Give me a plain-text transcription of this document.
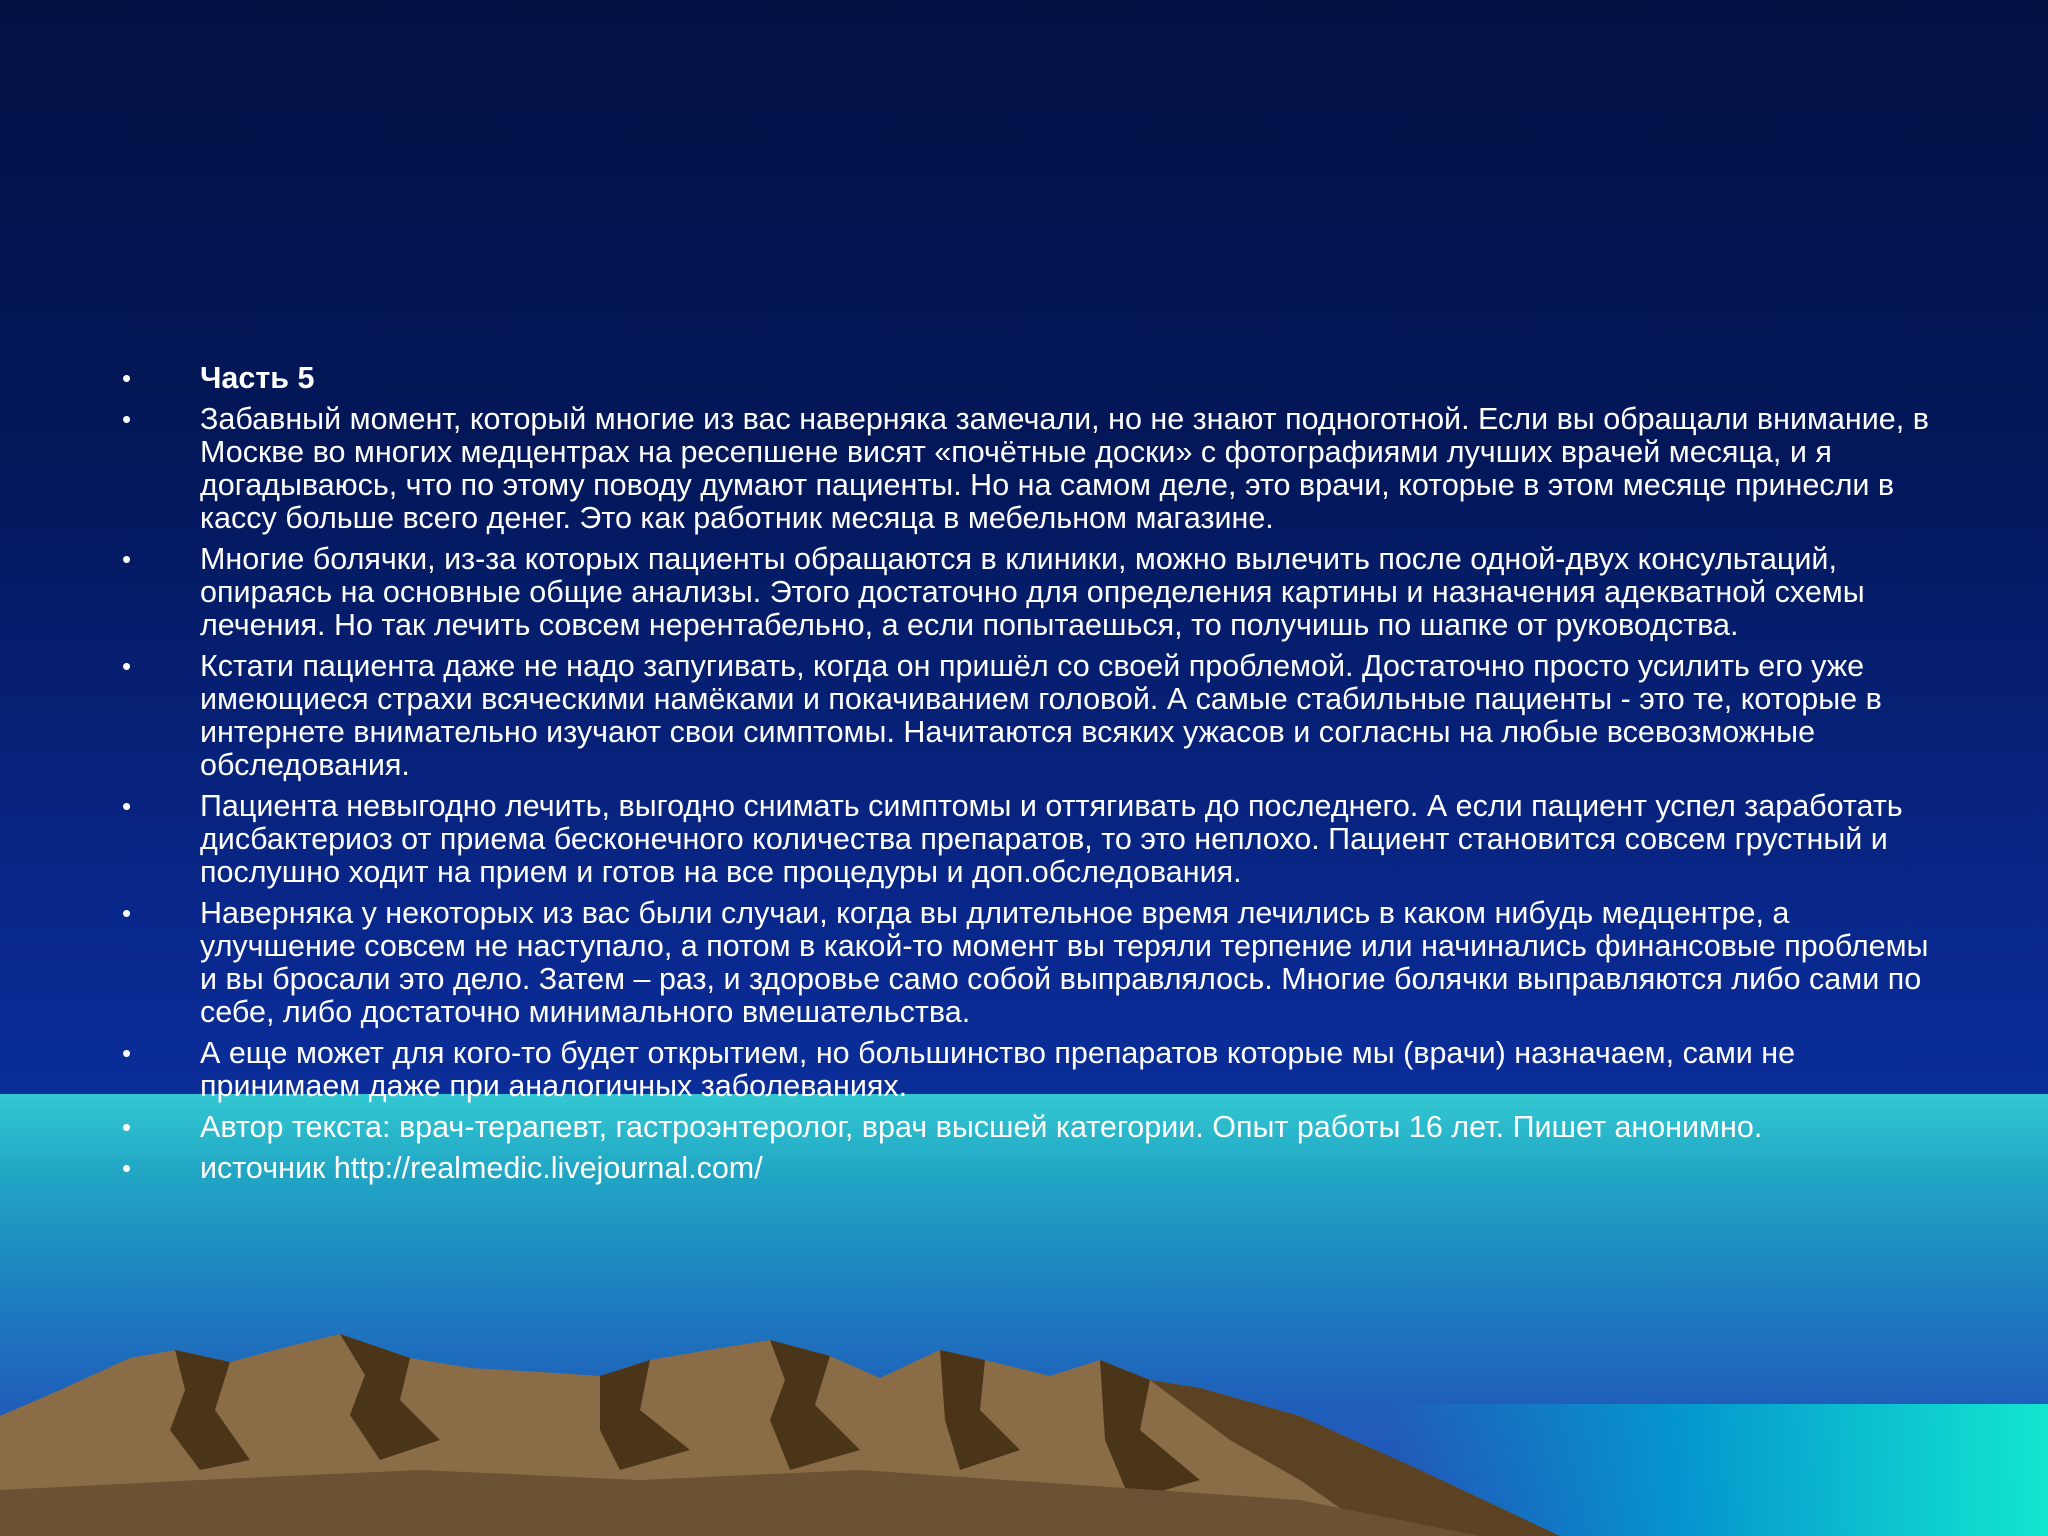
• Часть 5
• Забавный момент, который многие из вас наверняка замечали, но не знают подноготной. Если вы обращали внимание, в Москве во многих медцентрах на ресепшене висят «почётные доски» с фотографиями лучших врачей месяца, и я догадываюсь, что по этому поводу думают пациенты. Но на самом деле, это врачи, которые в этом месяце принесли в кассу больше всего денег. Это как работник месяца в мебельном магазине.
• Многие болячки, из-за которых пациенты обращаются в клиники, можно вылечить после одной-двух консультаций, опираясь на основные общие анализы. Этого достаточно для определения картины и назначения адекватной схемы лечения. Но так лечить совсем нерентабельно, а если попытаешься, то получишь по шапке от руководства.
• Кстати пациента даже не надо запугивать, когда он пришёл со своей проблемой. Достаточно просто усилить его уже имеющиеся страхи всяческими намёками и покачиванием головой. А самые стабильные пациенты - это те, которые в интернете внимательно изучают свои симптомы. Начитаются всяких ужасов и согласны на любые всевозможные обследования.
• Пациента невыгодно лечить, выгодно снимать симптомы и оттягивать до последнего. А если пациент успел заработать дисбактериоз от приема бесконечного количества препаратов, то это неплохо. Пациент становится совсем грустный и послушно ходит на прием и готов на все процедуры и доп.обследования.
• Наверняка у некоторых из вас были случаи, когда вы длительное время лечились в каком нибудь медцентре, а улучшение совсем не наступало, а потом в какой-то момент вы теряли терпение или начинались финансовые проблемы и вы бросали это дело. Затем – раз, и здоровье само собой выправлялось. Многие болячки выправляются либо сами по себе, либо достаточно минимального вмешательства.
• А еще может для кого-то будет открытием, но большинство препаратов которые мы (врачи) назначаем, сами не принимаем даже при аналогичных заболеваниях.
• Автор текста: врач-терапевт, гастроэнтеролог, врач высшей категории. Опыт работы 16 лет. Пишет анонимно.
• источник http://realmedic.livejournal.com/
